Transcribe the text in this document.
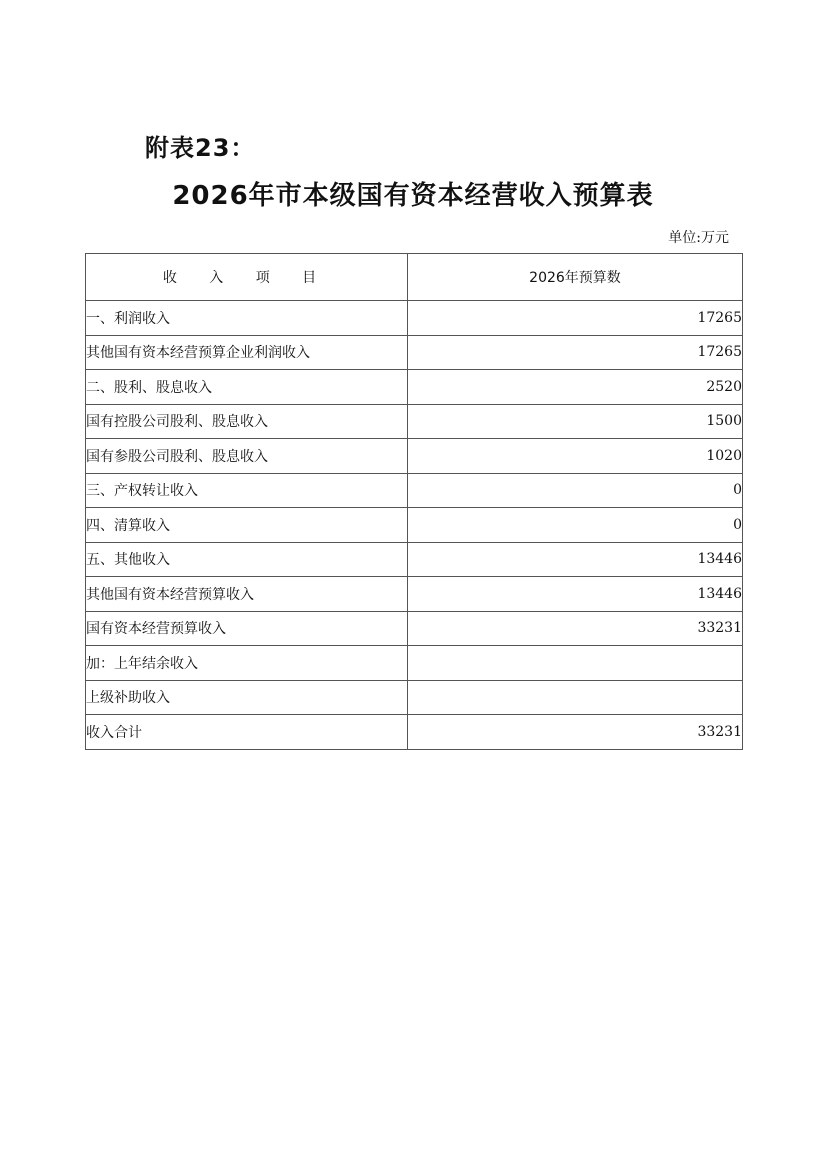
附表23：
2026年市本级国有资本经营收入预算表
单位:万元
收 入 项 目	2026年预算数
一、利润收入	17265
其他国有资本经营预算企业利润收入	17265
二、股利、股息收入	2520
国有控股公司股利、股息收入	1500
国有参股公司股利、股息收入	1020
三、产权转让收入	0
四、清算收入	0
五、其他收入	13446
其他国有资本经营预算收入	13446
国有资本经营预算收入	33231
加：上年结余收入	
上级补助收入	
收入合计	33231
